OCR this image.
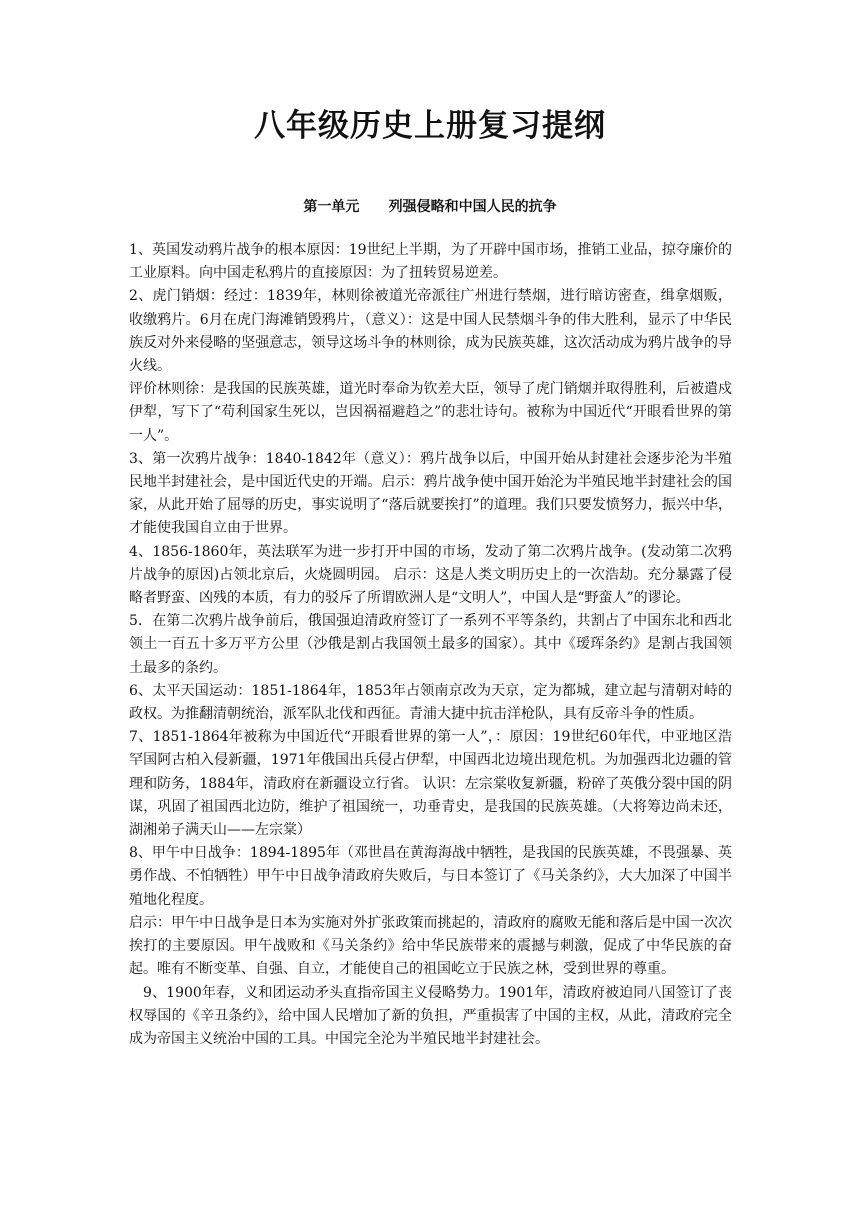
八年级历史上册复习提纲
第一单元      列强侵略和中国人民的抗争

1、英国发动鸦片战争的根本原因：19世纪上半期，为了开辟中国市场，推销工业品，掠夺廉价的工业原料。向中国走私鸦片的直接原因：为了扭转贸易逆差。

2、虎门销烟：经过：1839年，林则徐被道光帝派往广州进行禁烟，进行暗访密查，缉拿烟贩，收缴鸦片。6月在虎门海滩销毁鸦片，（意义）：这是中国人民禁烟斗争的伟大胜利，显示了中华民族反对外来侵略的坚强意志，领导这场斗争的林则徐，成为民族英雄，这次活动成为鸦片战争的导火线。

评价林则徐：是我国的民族英雄，道光时奉命为钦差大臣，领导了虎门销烟并取得胜利，后被遣戍伊犁，写下了“苟利国家生死以，岂因祸福避趋之”的悲壮诗句。被称为中国近代“开眼看世界的第一人”。

3、第一次鸦片战争：1840-1842年（意义）：鸦片战争以后，中国开始从封建社会逐步沦为半殖民地半封建社会，是中国近代史的开端。启示：鸦片战争使中国开始沦为半殖民地半封建社会的国家，从此开始了屈辱的历史，事实说明了“落后就要挨打”的道理。我们只要发愤努力，振兴中华，才能使我国自立由于世界。

4、1856-1860年，英法联军为进一步打开中国的市场，发动了第二次鸦片战争。(发动第二次鸦片战争的原因)占领北京后，火烧圆明园。 启示：这是人类文明历史上的一次浩劫。充分暴露了侵略者野蛮、凶残的本质，有力的驳斥了所谓欧洲人是“文明人”，中国人是“野蛮人”的谬论。

5．在第二次鸦片战争前后，俄国强迫清政府签订了一系列不平等条约，共割占了中国东北和西北领土一百五十多万平方公里（沙俄是割占我国领土最多的国家）。其中《瑷珲条约》是割占我国领土最多的条约。

6、太平天国运动：1851-1864年，1853年占领南京改为天京，定为都城，建立起与清朝对峙的政权。为推翻清朝统治，派军队北伐和西征。青浦大捷中抗击洋枪队，具有反帝斗争的性质。

7、1851-1864年被称为中国近代“开眼看世界的第一人”，：原因：19世纪60年代，中亚地区浩罕国阿古柏入侵新疆，1971年俄国出兵侵占伊犁，中国西北边境出现危机。为加强西北边疆的管理和防务，1884年，清政府在新疆设立行省。 认识：左宗棠收复新疆，粉碎了英俄分裂中国的阴谋，巩固了祖国西北边防，维护了祖国统一，功垂青史，是我国的民族英雄。（大将筹边尚未还，湖湘弟子满天山——左宗棠）

8、甲午中日战争：1894-1895年（邓世昌在黄海海战中牺牲，是我国的民族英雄，不畏强暴、英勇作战、不怕牺牲）甲午中日战争清政府失败后，与日本签订了《马关条约》，大大加深了中国半殖地化程度。

启示：甲午中日战争是日本为实施对外扩张政策而挑起的，清政府的腐败无能和落后是中国一次次挨打的主要原因。甲午战败和《马关条约》给中华民族带来的震撼与刺激，促成了中华民族的奋起。唯有不断变革、自强、自立，才能使自己的祖国屹立于民族之林，受到世界的尊重。

9、1900年春，义和团运动矛头直指帝国主义侵略势力。1901年，清政府被迫同八国签订了丧权辱国的《辛丑条约》，给中国人民增加了新的负担，严重损害了中国的主权，从此，清政府完全成为帝国主义统治中国的工具。中国完全沦为半殖民地半封建社会。
